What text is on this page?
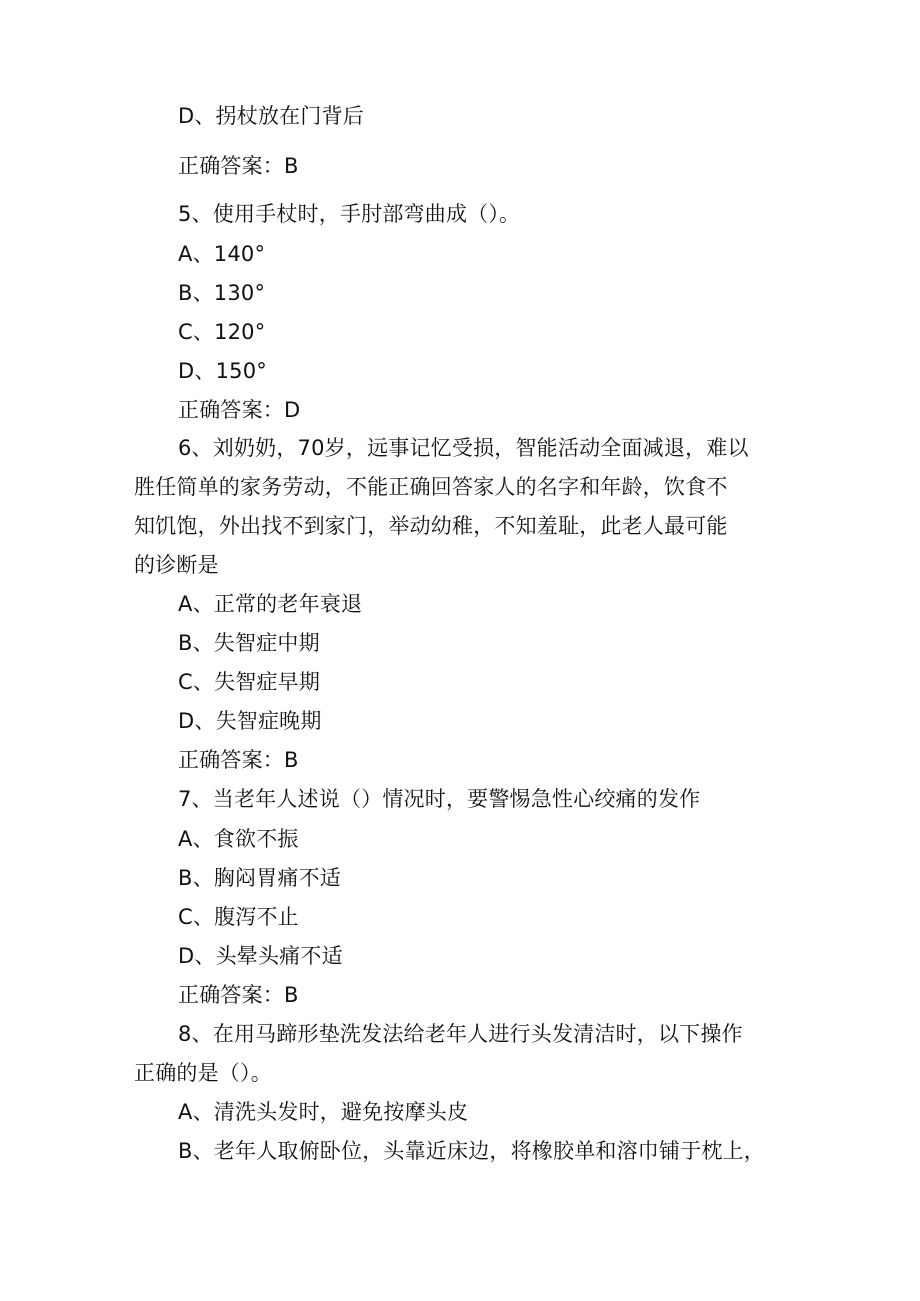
D、拐杖放在门背后
正确答案：B
5、使用手杖时，手肘部弯曲成（）。
A、140°
B、130°
C、120°
D、150°
正确答案：D
6、刘奶奶，70岁，远事记忆受损，智能活动全面减退，难以
胜任简单的家务劳动，不能正确回答家人的名字和年龄，饮食不
知饥饱，外出找不到家门，举动幼稚，不知羞耻，此老人最可能
的诊断是
A、正常的老年衰退
B、失智症中期
C、失智症早期
D、失智症晚期
正确答案：B
7、当老年人述说（）情况时，要警惕急性心绞痛的发作
A、食欲不振
B、胸闷胃痛不适
C、腹泻不止
D、头晕头痛不适
正确答案：B
8、在用马蹄形垫洗发法给老年人进行头发清洁时，以下操作
正确的是（）。
A、清洗头发时，避免按摩头皮
B、老年人取俯卧位，头靠近床边，将橡胶单和溶巾铺于枕上，
